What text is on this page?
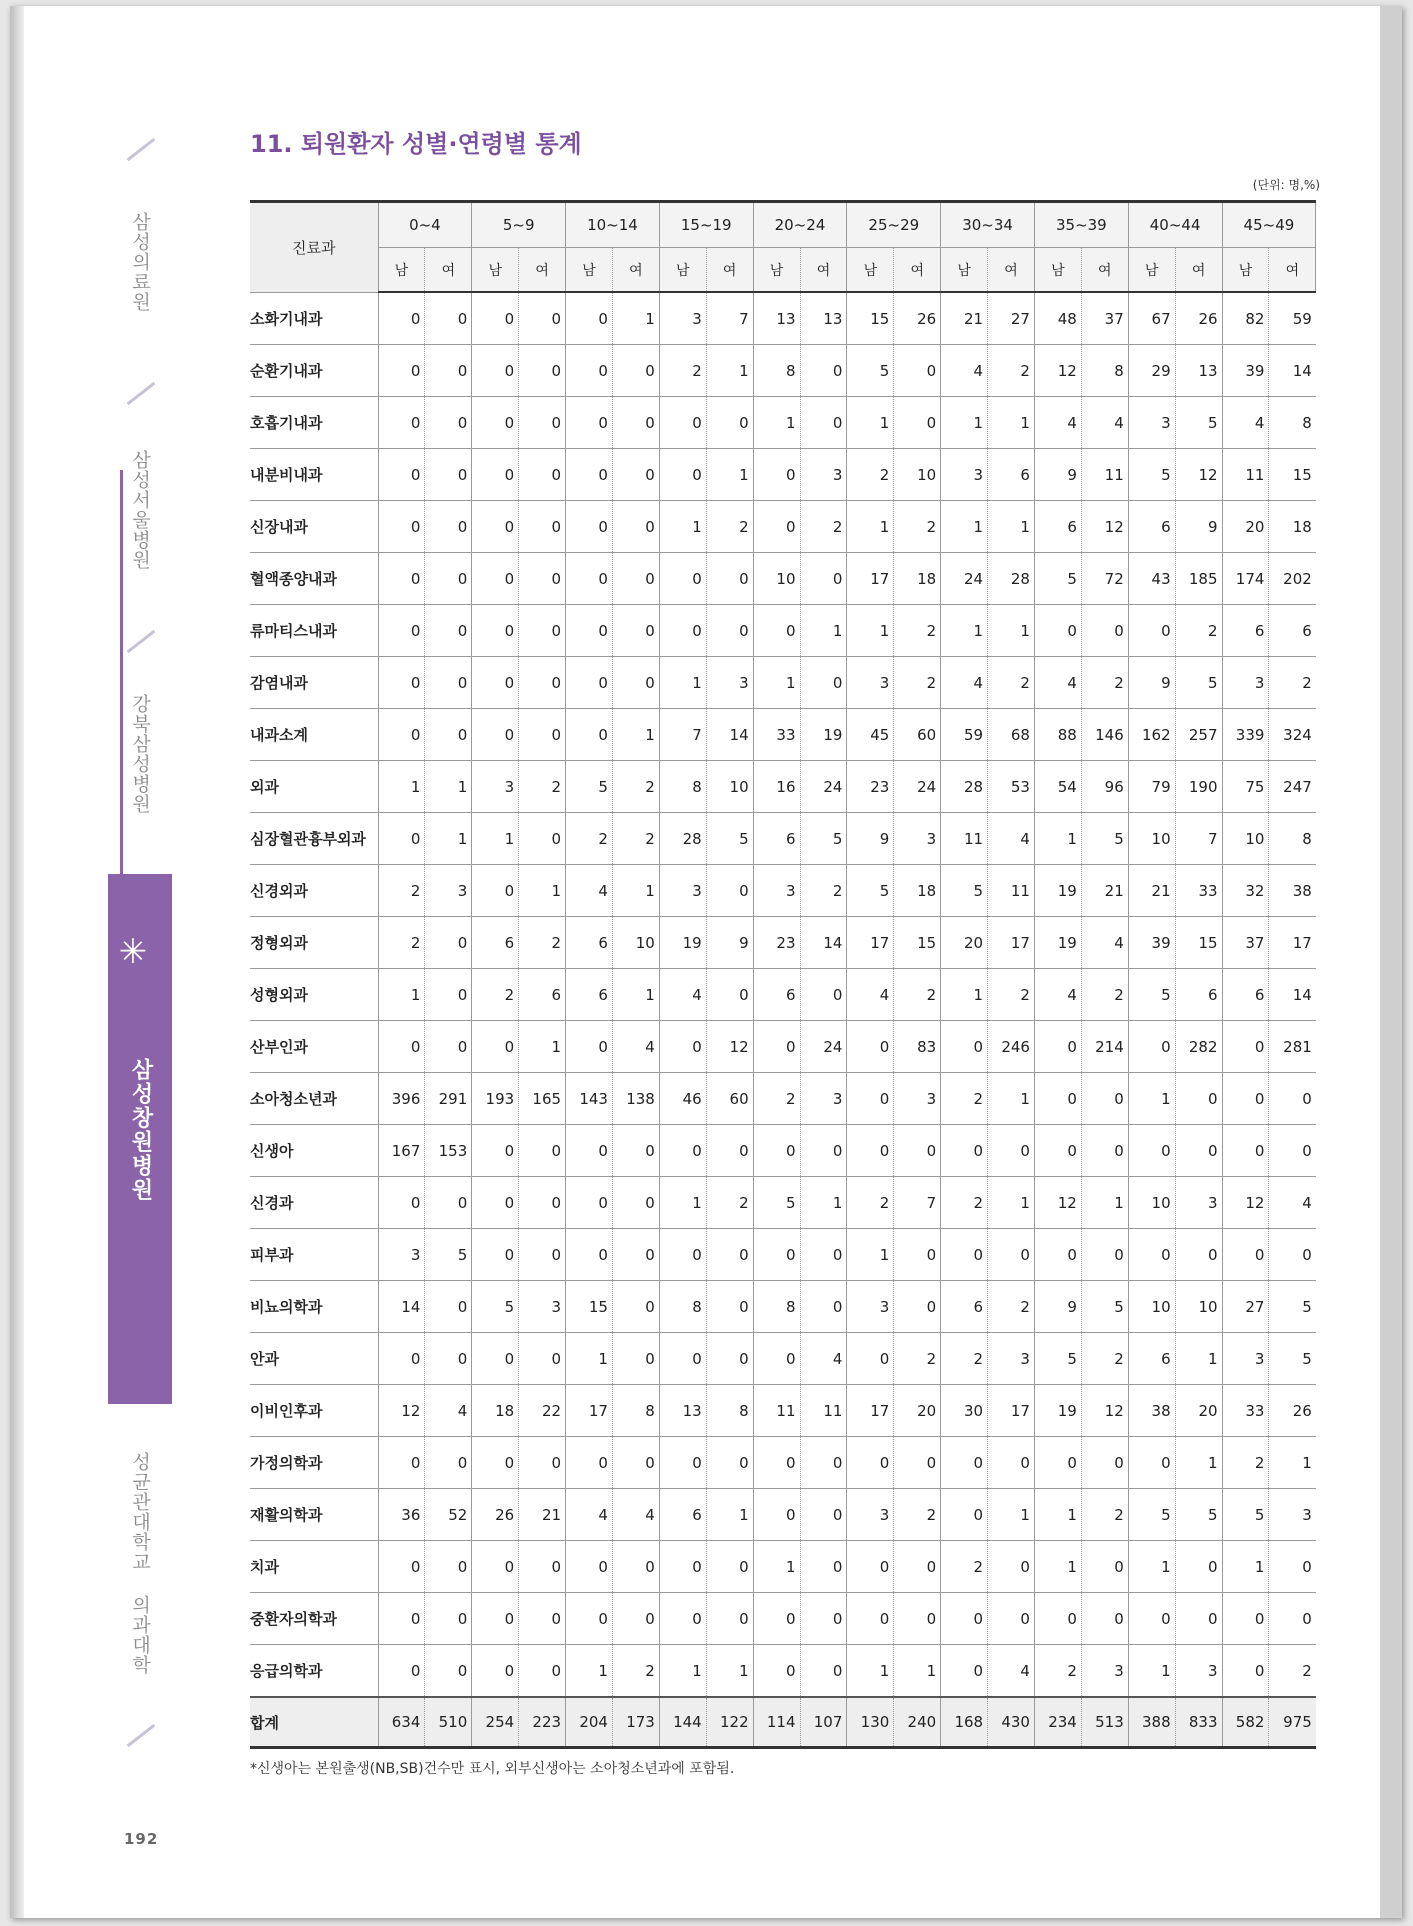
삼성의료원
삼성서울병원
강북삼성병원
성균관대학교 의과대학
삼성창원병원
✳
192
11. 퇴원환자 성별·연령별 통계
(단위: 명,%)
진료과	0~4		5~9		10~14		15~19		20~24		25~29		30~34		35~39		40~44		45~49	
	남	여	남	여	남	여	남	여	남	여	남	여	남	여	남	여	남	여	남	여
소화기내과	0	0	0	0	0	1	3	7	13	13	15	26	21	27	48	37	67	26	82	59
순환기내과	0	0	0	0	0	0	2	1	8	0	5	0	4	2	12	8	29	13	39	14
호흡기내과	0	0	0	0	0	0	0	0	1	0	1	0	1	1	4	4	3	5	4	8
내분비내과	0	0	0	0	0	0	0	1	0	3	2	10	3	6	9	11	5	12	11	15
신장내과	0	0	0	0	0	0	1	2	0	2	1	2	1	1	6	12	6	9	20	18
혈액종양내과	0	0	0	0	0	0	0	0	10	0	17	18	24	28	5	72	43	185	174	202
류마티스내과	0	0	0	0	0	0	0	0	0	1	1	2	1	1	0	0	0	2	6	6
감염내과	0	0	0	0	0	0	1	3	1	0	3	2	4	2	4	2	9	5	3	2
내과소계	0	0	0	0	0	1	7	14	33	19	45	60	59	68	88	146	162	257	339	324
외과	1	1	3	2	5	2	8	10	16	24	23	24	28	53	54	96	79	190	75	247
심장혈관흉부외과	0	1	1	0	2	2	28	5	6	5	9	3	11	4	1	5	10	7	10	8
신경외과	2	3	0	1	4	1	3	0	3	2	5	18	5	11	19	21	21	33	32	38
정형외과	2	0	6	2	6	10	19	9	23	14	17	15	20	17	19	4	39	15	37	17
성형외과	1	0	2	6	6	1	4	0	6	0	4	2	1	2	4	2	5	6	6	14
산부인과	0	0	0	1	0	4	0	12	0	24	0	83	0	246	0	214	0	282	0	281
소아청소년과	396	291	193	165	143	138	46	60	2	3	0	3	2	1	0	0	1	0	0	0
신생아	167	153	0	0	0	0	0	0	0	0	0	0	0	0	0	0	0	0	0	0
신경과	0	0	0	0	0	0	1	2	5	1	2	7	2	1	12	1	10	3	12	4
피부과	3	5	0	0	0	0	0	0	0	0	1	0	0	0	0	0	0	0	0	0
비뇨의학과	14	0	5	3	15	0	8	0	8	0	3	0	6	2	9	5	10	10	27	5
안과	0	0	0	0	1	0	0	0	0	4	0	2	2	3	5	2	6	1	3	5
이비인후과	12	4	18	22	17	8	13	8	11	11	17	20	30	17	19	12	38	20	33	26
가정의학과	0	0	0	0	0	0	0	0	0	0	0	0	0	0	0	0	0	1	2	1
재활의학과	36	52	26	21	4	4	6	1	0	0	3	2	0	1	1	2	5	5	5	3
치과	0	0	0	0	0	0	0	0	1	0	0	0	2	0	1	0	1	0	1	0
중환자의학과	0	0	0	0	0	0	0	0	0	0	0	0	0	0	0	0	0	0	0	0
응급의학과	0	0	0	0	1	2	1	1	0	0	1	1	0	4	2	3	1	3	0	2
합계	634	510	254	223	204	173	144	122	114	107	130	240	168	430	234	513	388	833	582	975
*신생아는 본원출생(NB,SB)건수만 표시, 외부신생아는 소아청소년과에 포함됨.
